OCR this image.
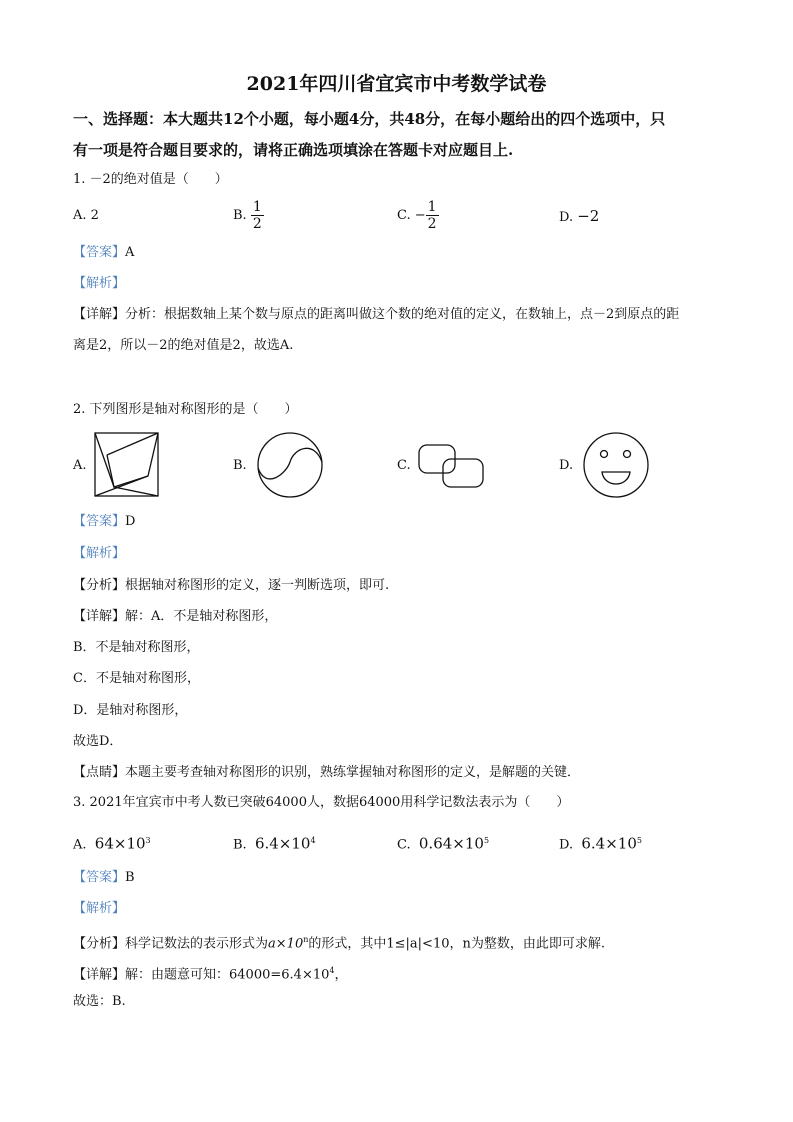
2021年四川省宜宾市中考数学试卷
一、选择题：本大题共12个小题，每小题4分，共48分，在每小题给出的四个选项中，只
有一项是符合题目要求的，请将正确选项填涂在答题卡对应题目上.
1. －2的绝对值是（　　）
A. 2	B. $\frac{1}{2}$	C. − $\frac{1}{2}$	D. −2
【答案】A
【解析】
【详解】分析：根据数轴上某个数与原点的距离叫做这个数的绝对值的定义，在数轴上，点－2到原点的距
离是2，所以－2的绝对值是2，故选A.
2. 下列图形是轴对称图形的是（　　）
A.	B.	C.	D.
【答案】D
【解析】
【分析】根据轴对称图形的定义，逐一判断选项，即可.
【详解】解：A．不是轴对称图形，
B．不是轴对称图形，
C．不是轴对称图形，
D．是轴对称图形，
故选D．
【点睛】本题主要考查轴对称图形的识别，熟练掌握轴对称图形的定义，是解题的关键．
3. 2021年宜宾市中考人数已突破64000人，数据64000用科学记数法表示为（　　）
A. $64\times 10^3$	B. $6.4\times 10^4$	C. $0.64\times 10^5$	D. $6.4\times 10^5$
【答案】B
【解析】
【分析】科学记数法的表示形式为$a\times 10^n$的形式，其中1≤|a|<10，n为整数，由此即可求解.
【详解】解：由题意可知：$64000=6.4\times 10^4$，
故选：B.
